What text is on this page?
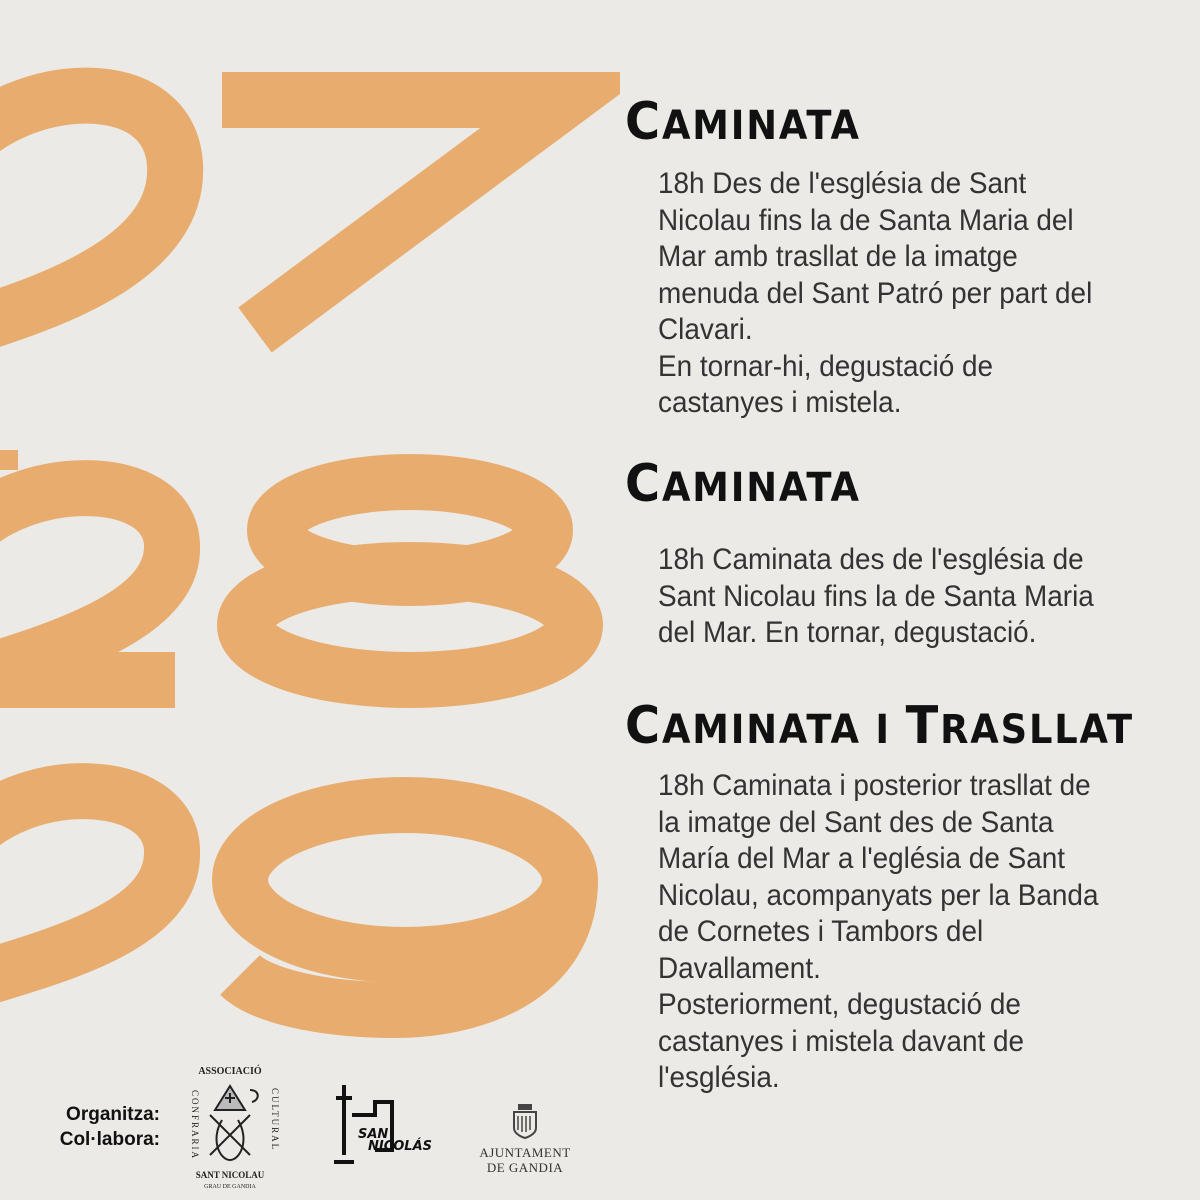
CAMINATA

18h Des de l'església de Sant
Nicolau fins la de Santa Maria del
Mar amb trasllat de la imatge
menuda del Sant Patró per part del
Clavari.
En tornar-hi, degustació de
castanyes i mistela.

CAMINATA

18h Caminata des de l'església de
Sant Nicolau fins la de Santa Maria
del Mar. En tornar, degustació.

CAMINATA I TRASLLAT

18h Caminata i posterior trasllat de
la imatge del Sant des de Santa
María del Mar a l'eglésia de Sant
Nicolau, acompanyats per la Banda
de Cornetes i Tambors del
Davallament.
Posteriorment, degustació de
castanyes i mistela davant de
l'església.

Organitza:
Col·labora:
ASSOCIACIÓ
CONFRARIA	CULTURAL
SANT NICOLAU
GRAU DE GANDIA
SAN
NICOLÁS	AJUNTAMENT
DE GANDIA
